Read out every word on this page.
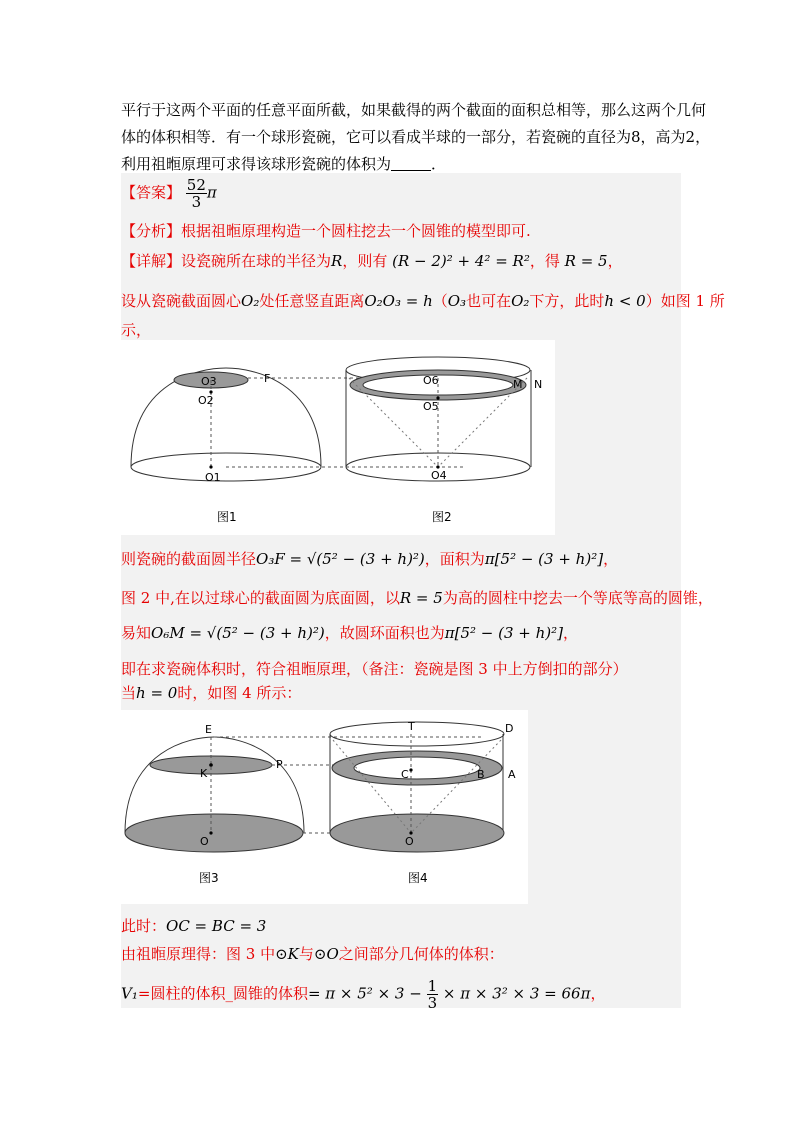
平行于这两个平面的任意平面所截，如果截得的两个截面的面积总相等，那么这两个几何
体的体积相等．有一个球形瓷碗，它可以看成半球的一部分，若瓷碗的直径为8，高为2，
利用祖暅原理可求得该球形瓷碗的体积为	．
【答案】 $\frac{52}{3}$ π
【分析】根据祖暅原理构造一个圆柱挖去一个圆锥的模型即可.
【详解】设瓷碗所在球的半径为R，则有 (R − 2)² + 4² = R²，得 R = 5，
设从瓷碗截面圆心O₂处任意竖直距离O₂O₃ = h（O₃也可在O₂下方，此时h < 0）如图 1 所
示，
O3	F
O2
O1
图1
O6	M N
O5
O4
图2
则瓷碗的截面圆半径O₃F = √(5² − (3 + h)²)，面积为π[5² − (3 + h)²]，
图 2 中,在以过球心的截面圆为底面圆，以R = 5为高的圆柱中挖去一个等底等高的圆锥，
易知O₆M = √(5² − (3 + h)²)，故圆环面积也为π[5² − (3 + h)²]，
即在求瓷碗体积时，符合祖暅原理，（备注：瓷碗是图 3 中上方倒扣的部分）
当h = 0时，如图 4 所示：
E
P
K
O
图3
T	D
C	B A
O
图4
此时：OC = BC = 3
由祖暅原理得：图 3 中⊙K与⊙O之间部分几何体的体积：
V₁=圆柱的体积_圆锥的体积= $\pi \times 5^2 \times 3 - \frac{1}{3} \times \pi \times 3^2 \times 3 = 66\pi$，
